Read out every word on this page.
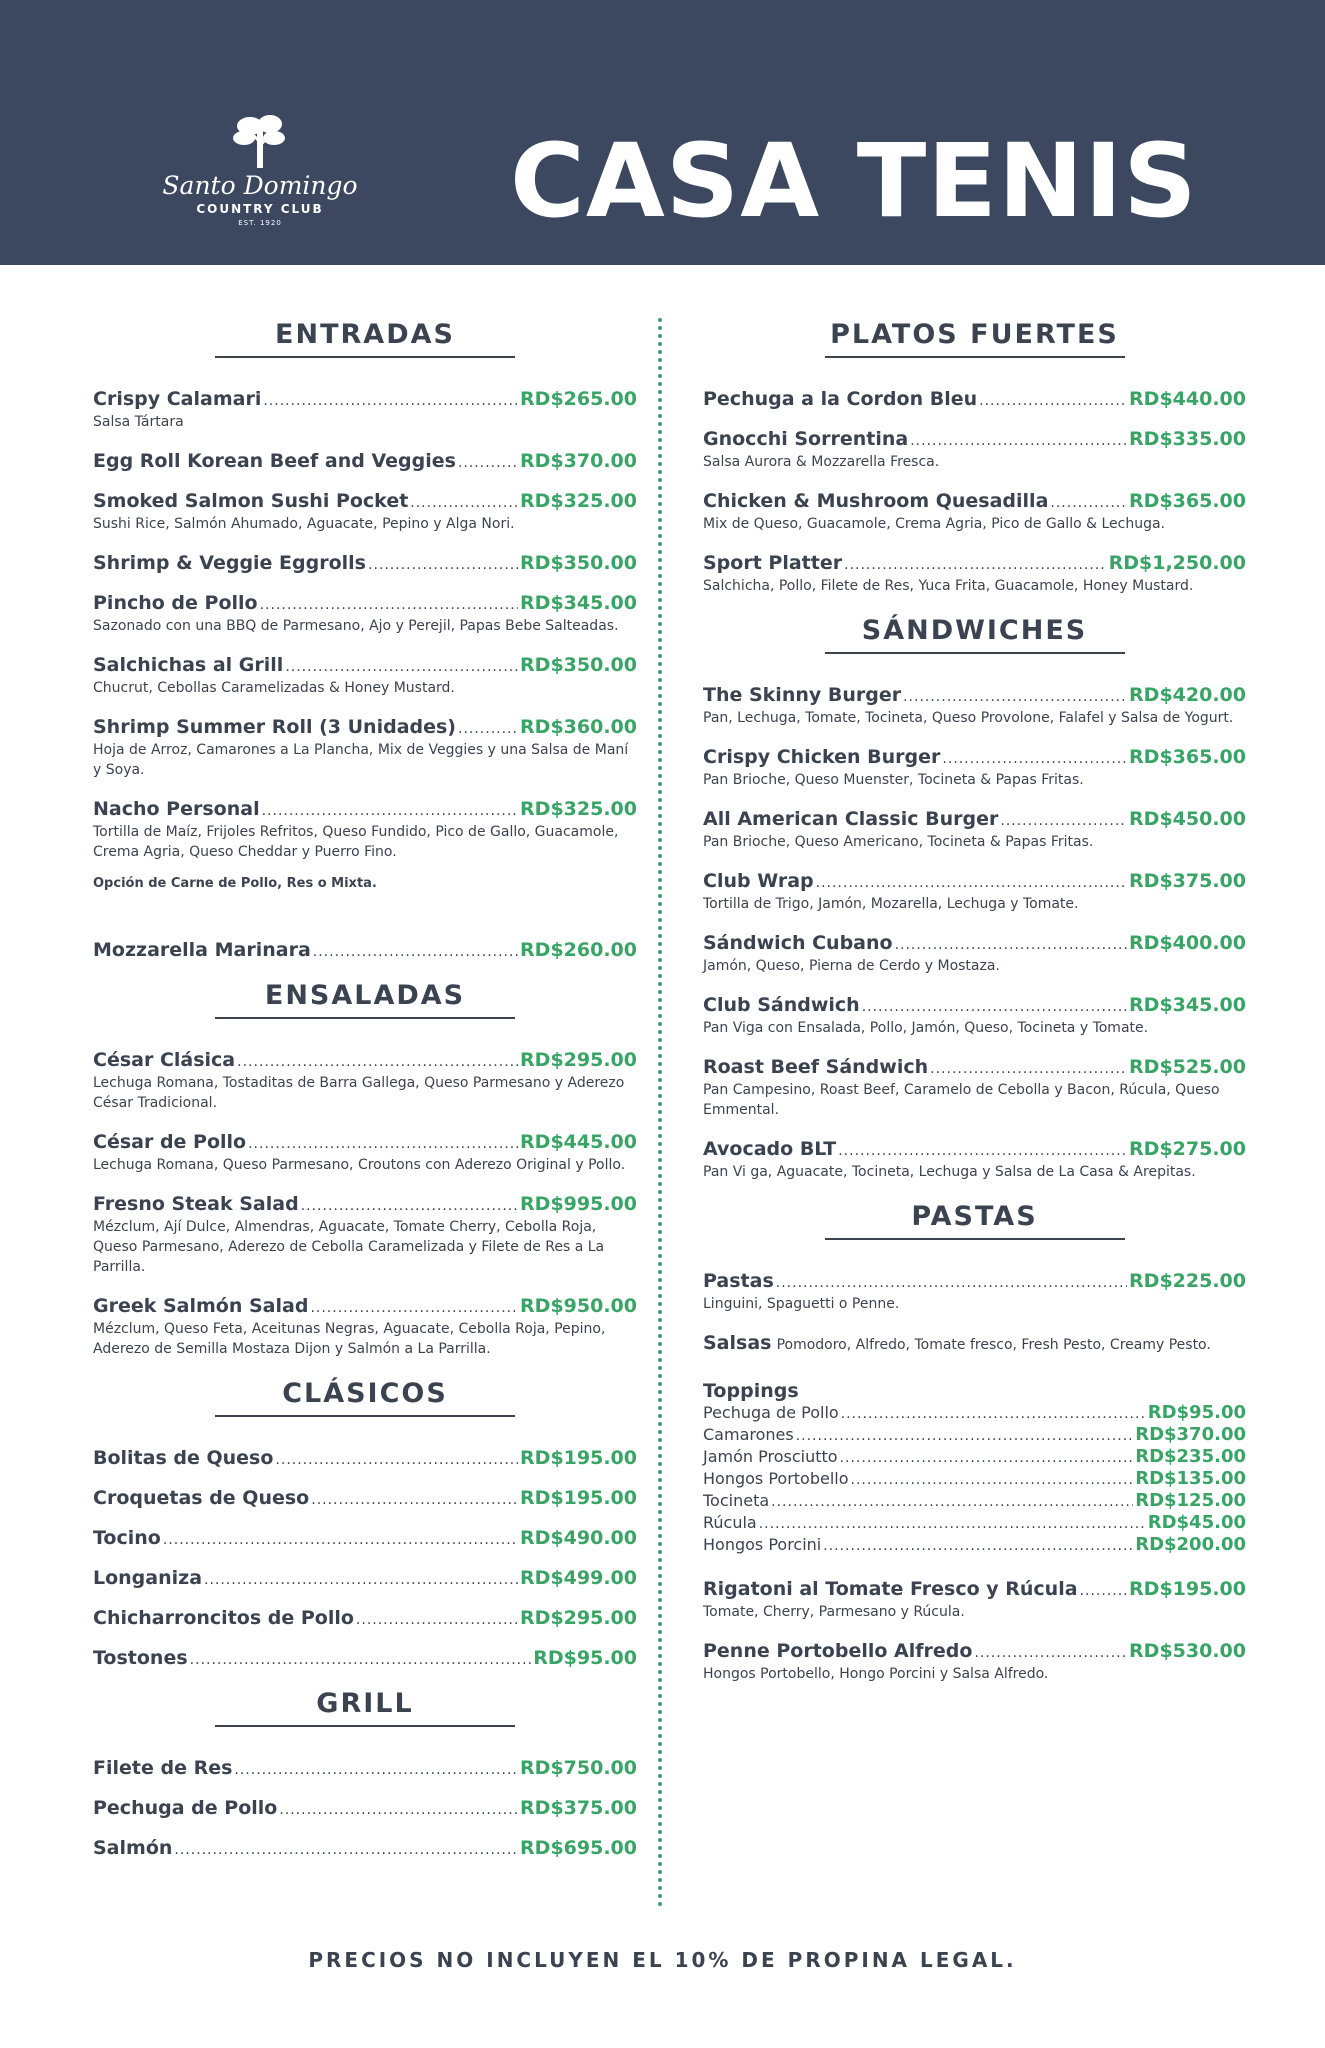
Santo Domingo
COUNTRY CLUB
EST. 1920	CASA TENIS
ENTRADAS
Crispy Calamari .....	RD$265.00
Salsa Tártara
Egg Roll Korean Beef and Veggies .....	RD$370.00
Smoked Salmon Sushi Pocket .....	RD$325.00
Sushi Rice, Salmón Ahumado, Aguacate, Pepino y Alga Nori.
Shrimp & Veggie Eggrolls .....	RD$350.00
Pincho de Pollo .....	RD$345.00
Sazonado con una BBQ de Parmesano, Ajo y Perejil, Papas Bebe Salteadas.
Salchichas al Grill .....	RD$350.00
Chucrut, Cebollas Caramelizadas & Honey Mustard.
Shrimp Summer Roll (3 Unidades) .....	RD$360.00
Hoja de Arroz, Camarones a La Plancha, Mix de Veggies y una Salsa de Maní y Soya.
Nacho Personal .....	RD$325.00
Tortilla de Maíz, Frijoles Refritos, Queso Fundido, Pico de Gallo, Guacamole, Crema Agria, Queso Cheddar y Puerro Fino.
Opción de Carne de Pollo, Res o Mixta.
Mozzarella Marinara .....	RD$260.00
ENSALADAS
César Clásica .....	RD$295.00
Lechuga Romana, Tostaditas de Barra Gallega, Queso Parmesano y Aderezo César Tradicional.
César de Pollo .....	RD$445.00
Lechuga Romana, Queso Parmesano, Croutons con Aderezo Original y Pollo.
Fresno Steak Salad .....	RD$995.00
Mézclum, Ají Dulce, Almendras, Aguacate, Tomate Cherry, Cebolla Roja, Queso Parmesano, Aderezo de Cebolla Caramelizada y Filete de Res a La Parrilla.
Greek Salmón Salad .....	RD$950.00
Mézclum, Queso Feta, Aceitunas Negras, Aguacate, Cebolla Roja, Pepino, Aderezo de Semilla Mostaza Dijon y Salmón a La Parrilla.
CLÁSICOS
Bolitas de Queso .....	RD$195.00
Croquetas de Queso .....	RD$195.00
Tocino .....	RD$490.00
Longaniza .....	RD$499.00
Chicharroncitos de Pollo .....	RD$295.00
Tostones .....	RD$95.00
GRILL
Filete de Res .....	RD$750.00
Pechuga de Pollo .....	RD$375.00
Salmón .....	RD$695.00
PLATOS FUERTES
Pechuga a la Cordon Bleu .....	RD$440.00
Gnocchi Sorrentina .....	RD$335.00
Salsa Aurora & Mozzarella Fresca.
Chicken & Mushroom Quesadilla .....	RD$365.00
Mix de Queso, Guacamole, Crema Agria, Pico de Gallo & Lechuga.
Sport Platter .....	RD$1,250.00
Salchicha, Pollo, Filete de Res, Yuca Frita, Guacamole, Honey Mustard.
SÁNDWICHES
The Skinny Burger .....	RD$420.00
Pan, Lechuga, Tomate, Tocineta, Queso Provolone, Falafel y Salsa de Yogurt.
Crispy Chicken Burger .....	RD$365.00
Pan Brioche, Queso Muenster, Tocineta & Papas Fritas.
All American Classic Burger .....	RD$450.00
Pan Brioche, Queso Americano, Tocineta & Papas Fritas.
Club Wrap .....	RD$375.00
Tortilla de Trigo, Jamón, Mozarella, Lechuga y Tomate.
Sándwich Cubano .....	RD$400.00
Jamón, Queso, Pierna de Cerdo y Mostaza.
Club Sándwich .....	RD$345.00
Pan Viga con Ensalada, Pollo, Jamón, Queso, Tocineta y Tomate.
Roast Beef Sándwich .....	RD$525.00
Pan Campesino, Roast Beef, Caramelo de Cebolla y Bacon, Rúcula, Queso Emmental.
Avocado BLT .....	RD$275.00
Pan Vi ga, Aguacate, Tocineta, Lechuga y Salsa de La Casa & Arepitas.
PASTAS
Pastas .....	RD$225.00
Linguini, Spaguetti o Penne.
Salsas Pomodoro, Alfredo, Tomate fresco, Fresh Pesto, Creamy Pesto.
Toppings
Pechuga de Pollo .....	RD$95.00
Camarones .....	RD$370.00
Jamón Prosciutto .....	RD$235.00
Hongos Portobello .....	RD$135.00
Tocineta .....	RD$125.00
Rúcula .....	RD$45.00
Hongos Porcini .....	RD$200.00
Rigatoni al Tomate Fresco y Rúcula .....	RD$195.00
Tomate, Cherry, Parmesano y Rúcula.
Penne Portobello Alfredo .....	RD$530.00
Hongos Portobello, Hongo Porcini y Salsa Alfredo.
PRECIOS NO INCLUYEN EL 10% DE PROPINA LEGAL.
